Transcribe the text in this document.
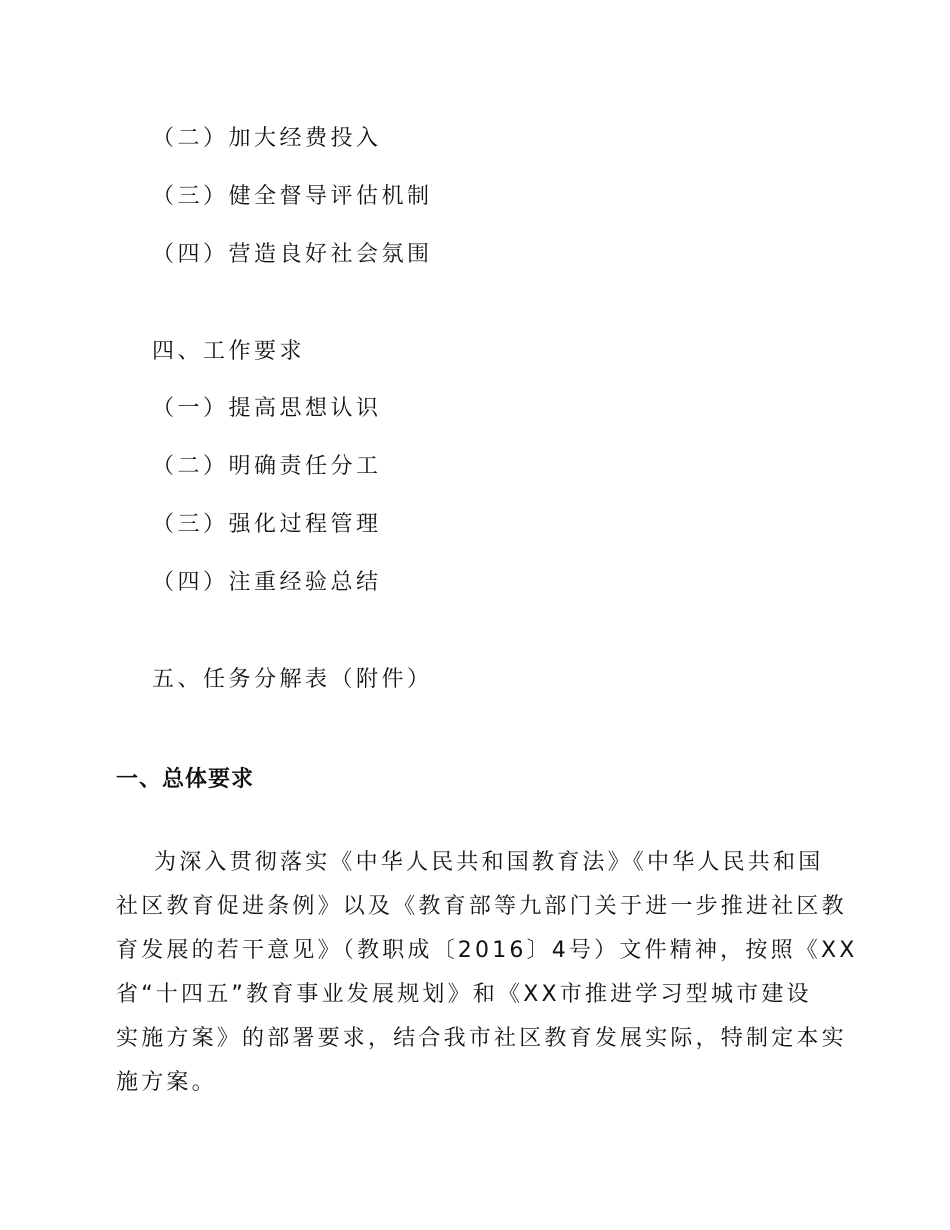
（二）加大经费投入
（三）健全督导评估机制
（四）营造良好社会氛围
四、工作要求
（一）提高思想认识
（二）明确责任分工
（三）强化过程管理
（四）注重经验总结
五、任务分解表（附件）
一、总体要求
为深入贯彻落实《中华人民共和国教育法》《中华人民共和国
社区教育促进条例》以及《教育部等九部门关于进一步推进社区教
育发展的若干意见》（教职成〔2016〕4号）文件精神，按照《XX
省“十四五”教育事业发展规划》和《XX市推进学习型城市建设
实施方案》的部署要求，结合我市社区教育发展实际，特制定本实
施方案。
